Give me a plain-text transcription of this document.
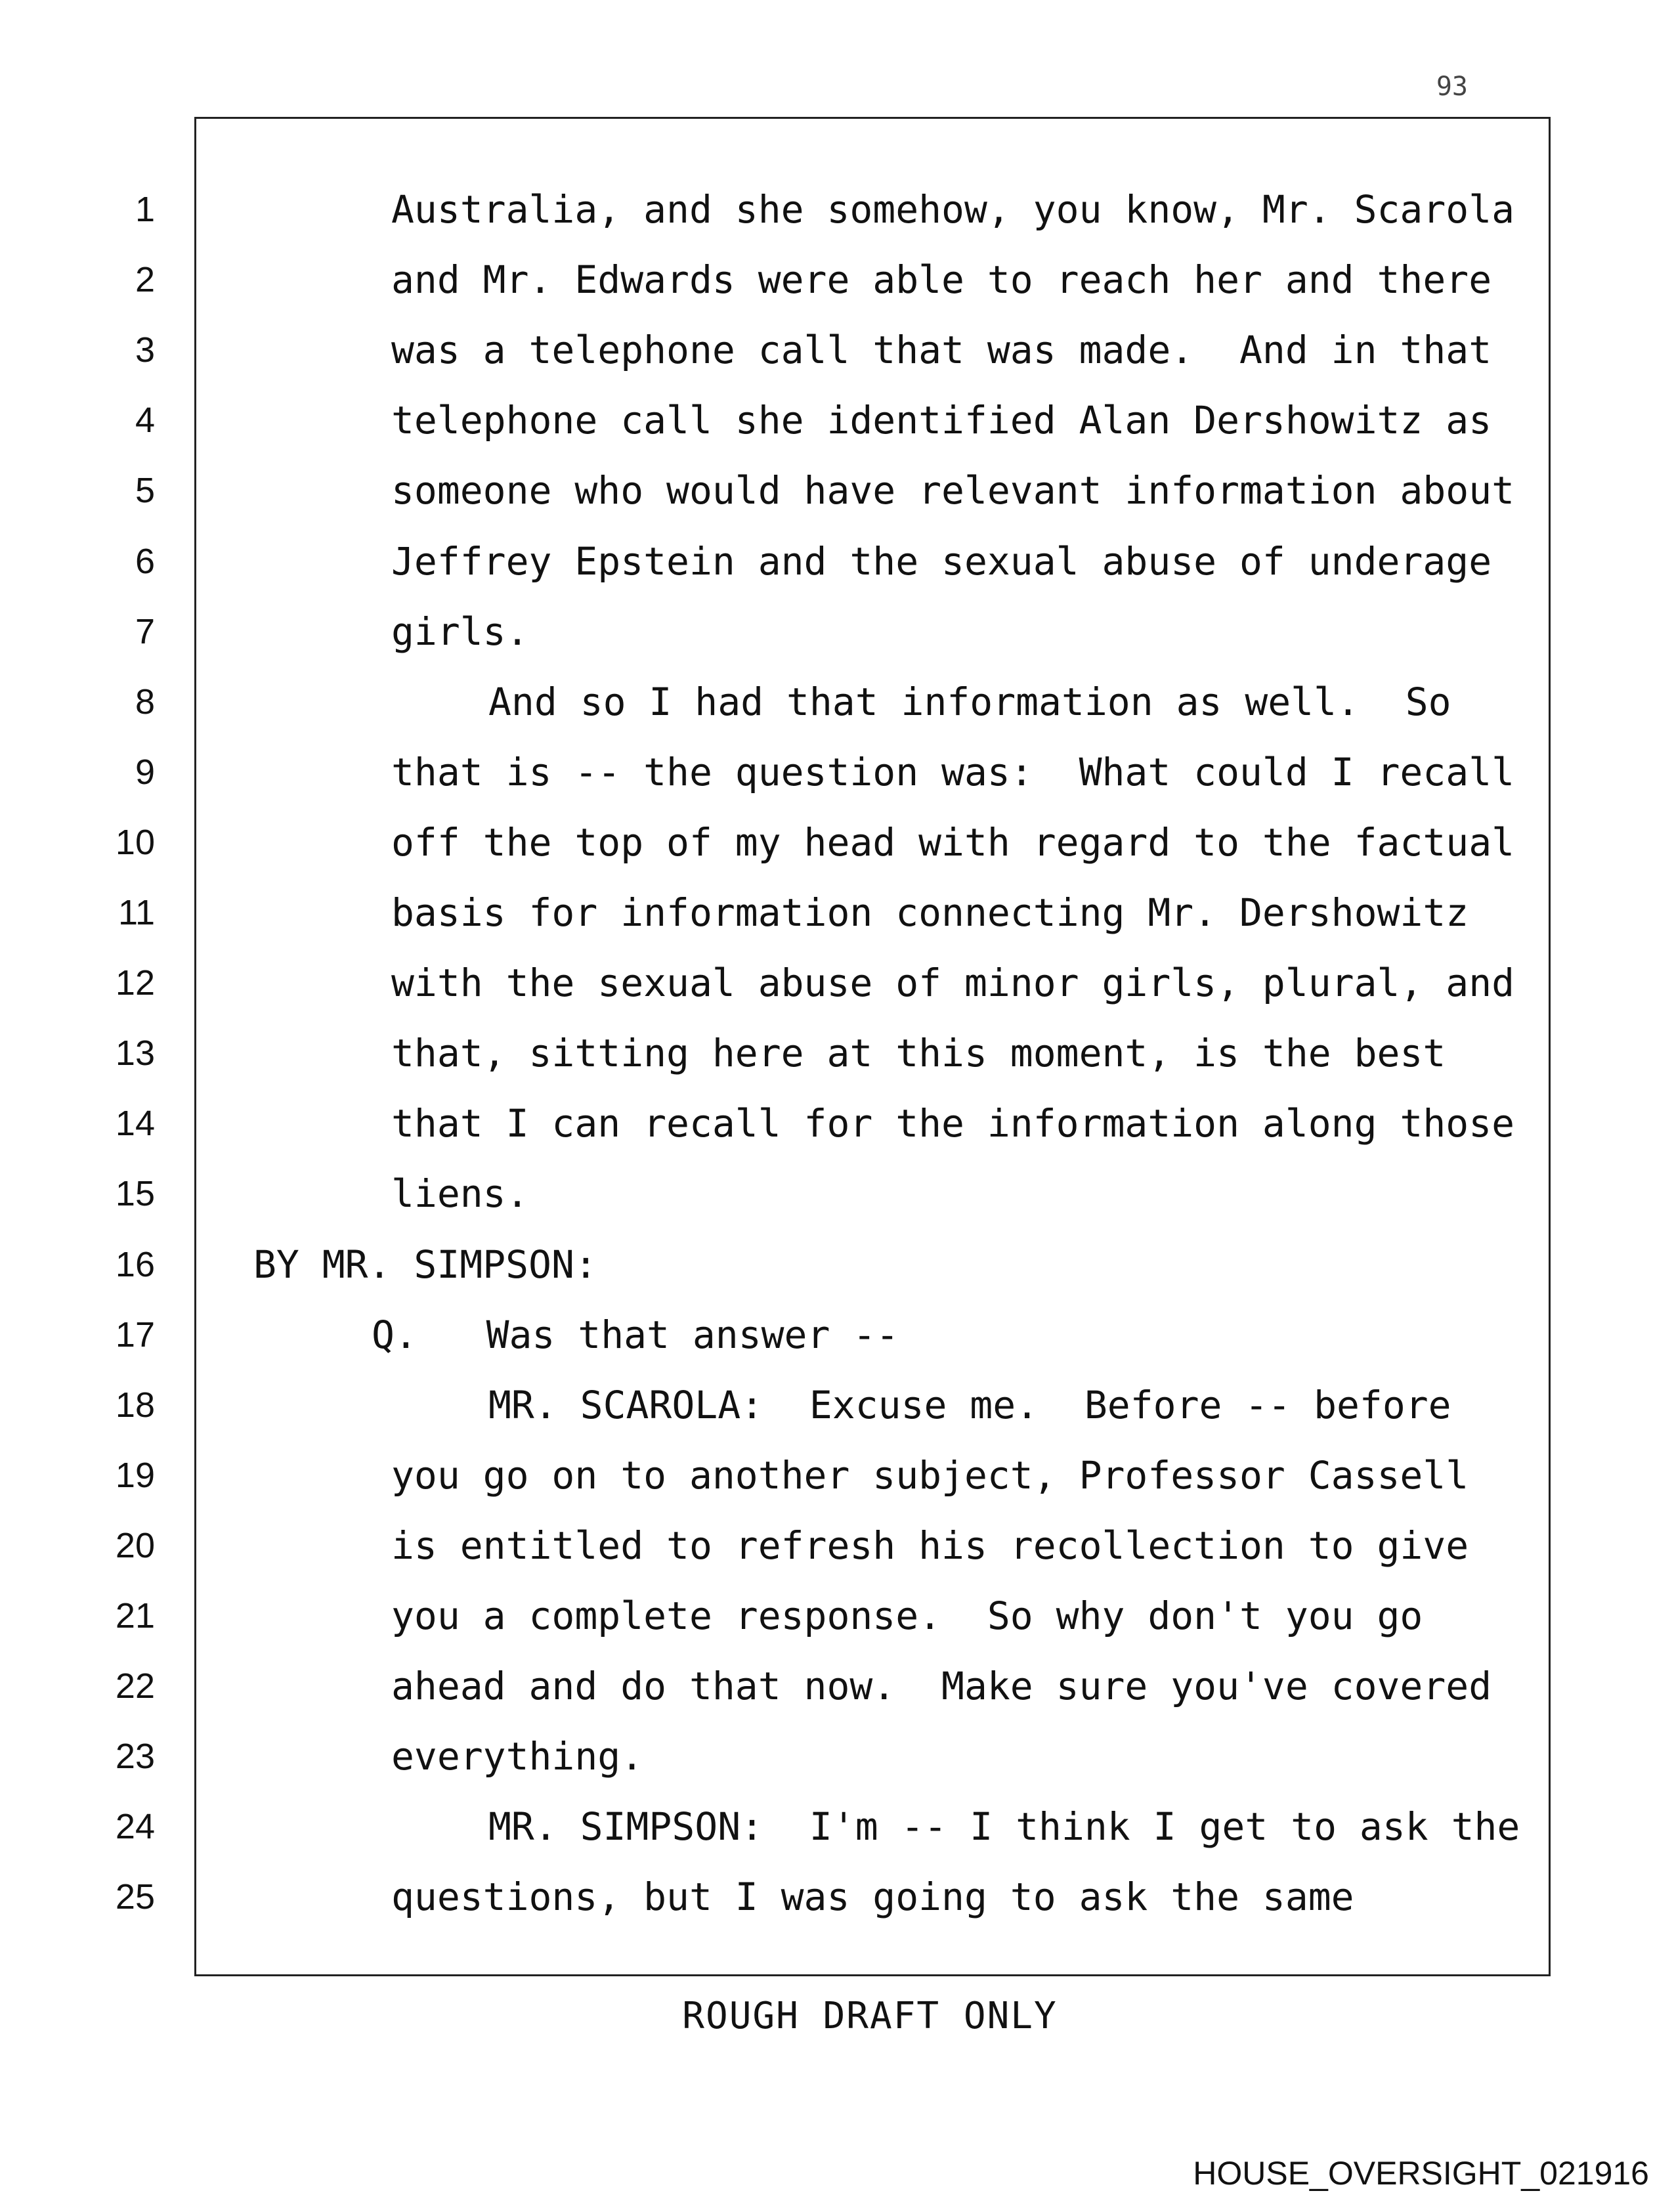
93
1	Australia, and she somehow, you know, Mr. Scarola
2	and Mr. Edwards were able to reach her and there
3	was a telephone call that was made.  And in that
4	telephone call she identified Alan Dershowitz as
5	someone who would have relevant information about
6	Jeffrey Epstein and the sexual abuse of underage
7	girls.
8	And so I had that information as well.  So
9	that is -- the question was:  What could I recall
10	off the top of my head with regard to the factual
11	basis for information connecting Mr. Dershowitz
12	with the sexual abuse of minor girls, plural, and
13	that, sitting here at this moment, is the best
14	that I can recall for the information along those
15	liens.
16	BY MR. SIMPSON:
17	Q.   Was that answer --
18	MR. SCAROLA:  Excuse me.  Before -- before
19	you go on to another subject, Professor Cassell
20	is entitled to refresh his recollection to give
21	you a complete response.  So why don't you go
22	ahead and do that now.  Make sure you've covered
23	everything.
24	MR. SIMPSON:  I'm -- I think I get to ask the
25	questions, but I was going to ask the same
ROUGH DRAFT ONLY
HOUSE_OVERSIGHT_021916
